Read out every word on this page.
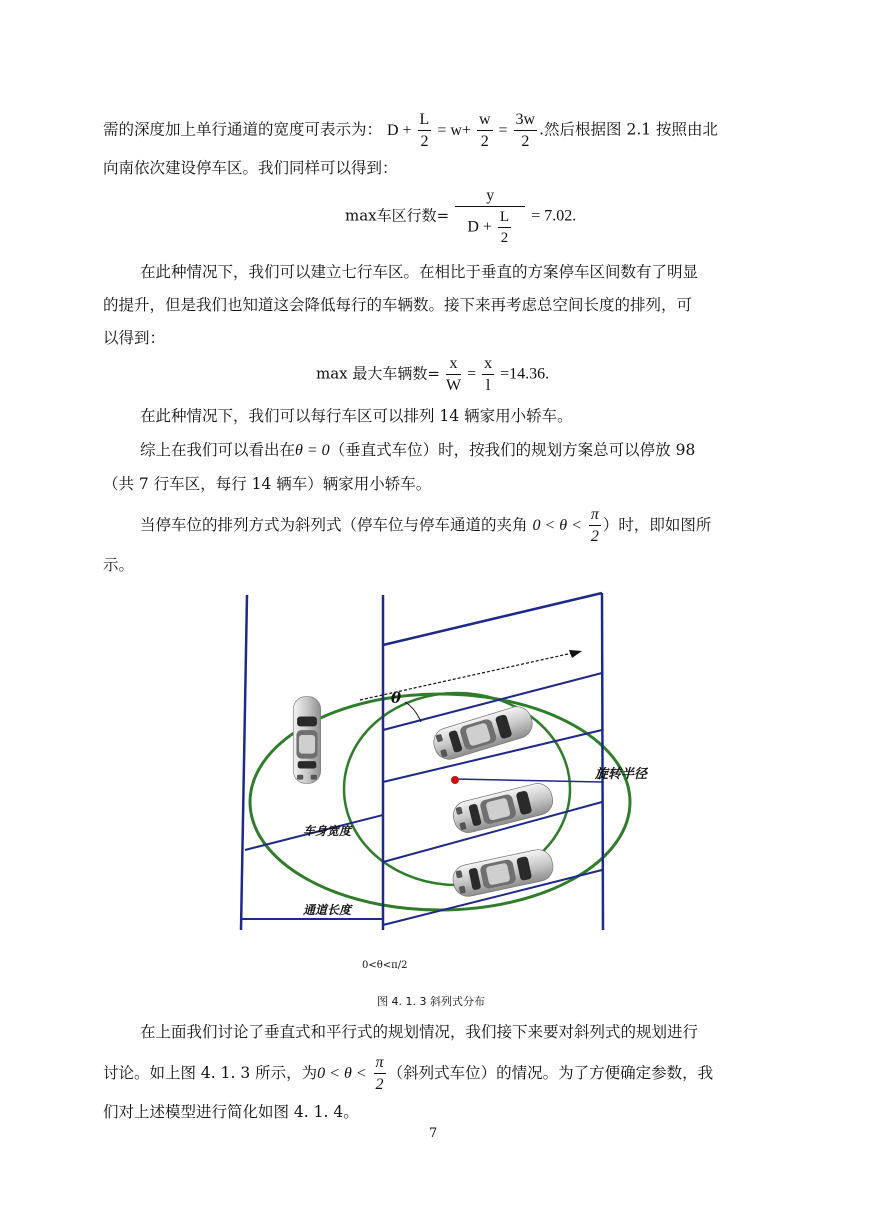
需的深度加上单行通道的宽度可表示为： $D + \frac{L}{2} = w+ \frac{w}{2} = \frac{3w}{2}$ .然后根据图 2.1 按照由北
向南依次建设停车区。我们同样可以得到：
max车区行数= $\frac{y}{D + \frac{L}{2}} = 7.02$.
在此种情况下，我们可以建立七行车区。在相比于垂直的方案停车区间数有了明显
的提升，但是我们也知道这会降低每行的车辆数。接下来再考虑总空间长度的排列，可
以得到：
max 最大车辆数= $\frac{x}{W} = \frac{x}{l} =14.36$.
在此种情况下，我们可以每行车区可以排列 14 辆家用小轿车。
综上在我们可以看出在θ = 0（垂直式车位）时，按我们的规划方案总可以停放 98
（共 7 行车区，每行 14 辆车）辆家用小轿车。
当停车位的排列方式为斜列式（停车位与停车通道的夹角 $0 < \theta < \frac{\pi}{2}$ ）时，即如图所
示。
θ
旋转半径
车身宽度
通道长度
0<θ<π/2
图 4. 1. 3 斜列式分布
在上面我们讨论了垂直式和平行式的规划情况，我们接下来要对斜列式的规划进行
讨论。如上图 4. 1. 3 所示，为$0 < \theta < \frac{\pi}{2}$ （斜列式车位）的情况。为了方便确定参数，我
们对上述模型进行简化如图 4. 1. 4。
7
